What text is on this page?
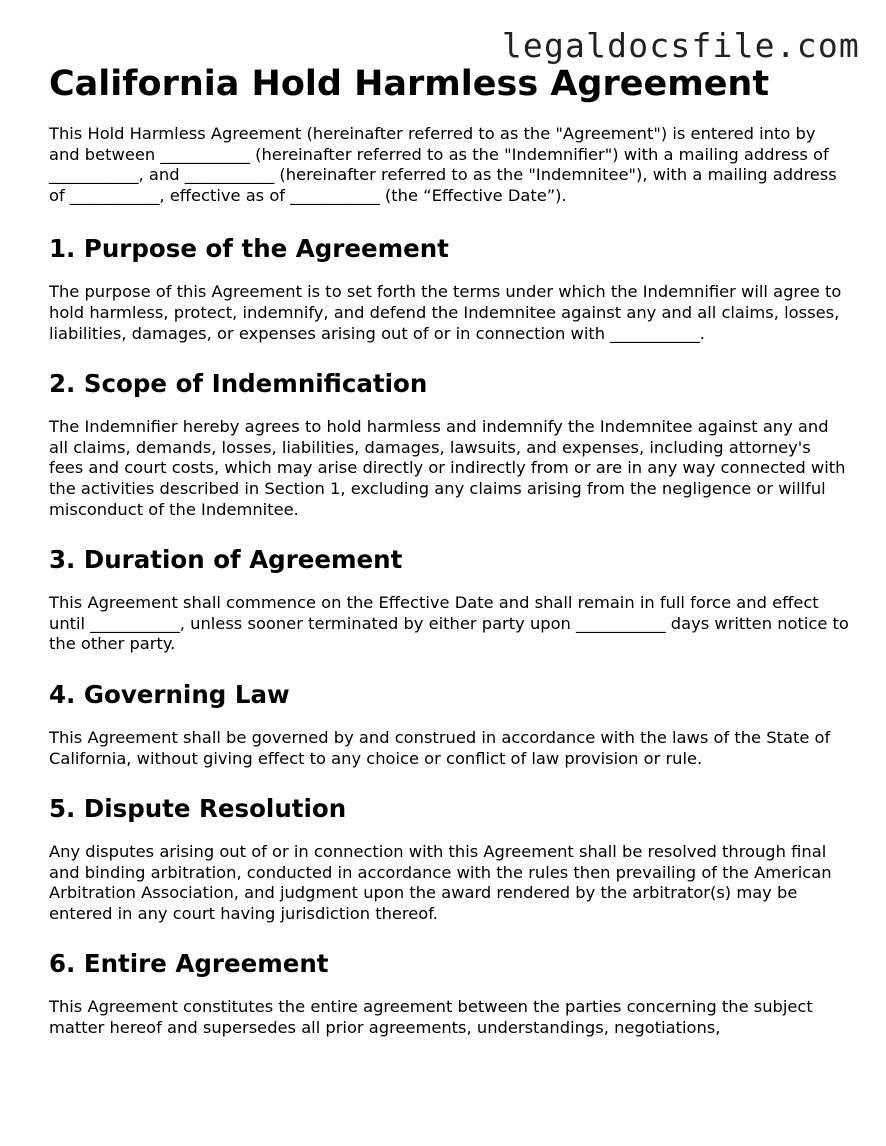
legaldocsfile.com
California Hold Harmless Agreement

This Hold Harmless Agreement (hereinafter referred to as the "Agreement") is entered into by and between ___________ (hereinafter referred to as the "Indemnifier") with a mailing address of ___________, and ___________ (hereinafter referred to as the "Indemnitee"), with a mailing address of ___________, effective as of ___________ (the “Effective Date”).

1. Purpose of the Agreement

The purpose of this Agreement is to set forth the terms under which the Indemnifier will agree to hold harmless, protect, indemnify, and defend the Indemnitee against any and all claims, losses, liabilities, damages, or expenses arising out of or in connection with ___________.

2. Scope of Indemnification

The Indemnifier hereby agrees to hold harmless and indemnify the Indemnitee against any and all claims, demands, losses, liabilities, damages, lawsuits, and expenses, including attorney's fees and court costs, which may arise directly or indirectly from or are in any way connected with the activities described in Section 1, excluding any claims arising from the negligence or willful misconduct of the Indemnitee.

3. Duration of Agreement

This Agreement shall commence on the Effective Date and shall remain in full force and effect until ___________, unless sooner terminated by either party upon ___________ days written notice to the other party.

4. Governing Law

This Agreement shall be governed by and construed in accordance with the laws of the State of California, without giving effect to any choice or conflict of law provision or rule.

5. Dispute Resolution

Any disputes arising out of or in connection with this Agreement shall be resolved through final and binding arbitration, conducted in accordance with the rules then prevailing of the American Arbitration Association, and judgment upon the award rendered by the arbitrator(s) may be entered in any court having jurisdiction thereof.

6. Entire Agreement

This Agreement constitutes the entire agreement between the parties concerning the subject matter hereof and supersedes all prior agreements, understandings, negotiations,
